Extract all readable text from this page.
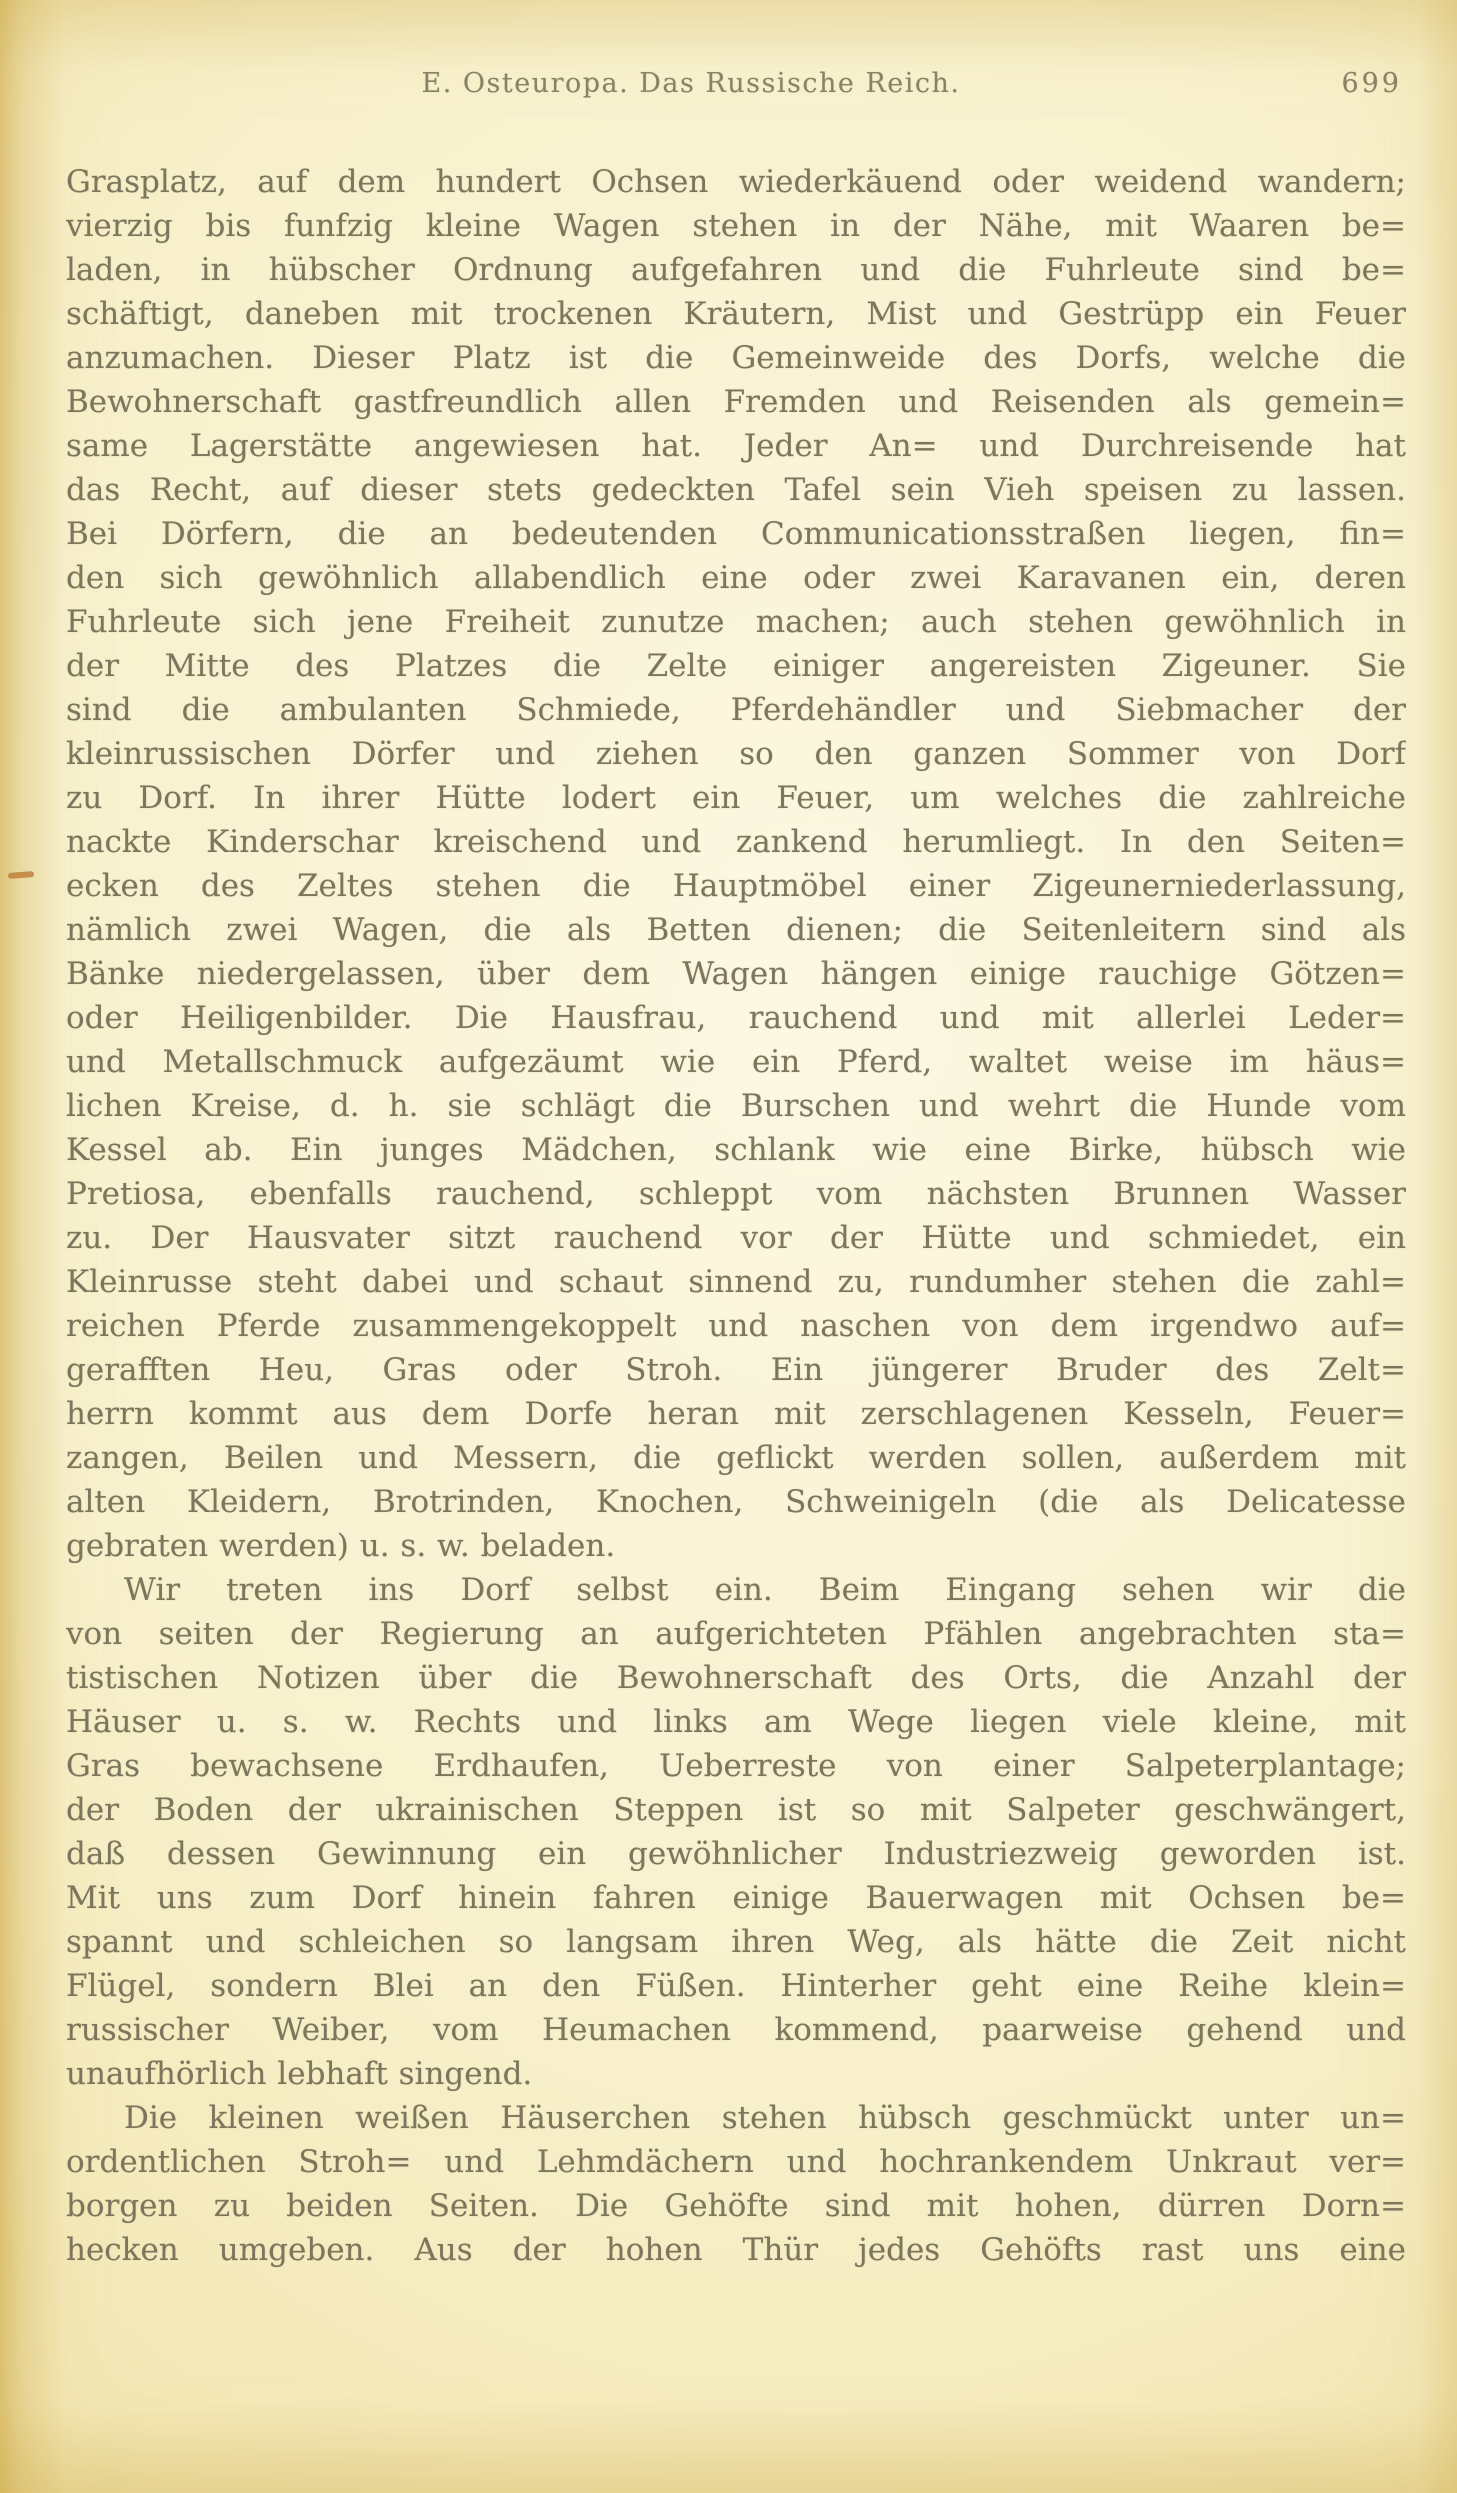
E. Osteuropa. Das Russische Reich.	699

Grasplatz, auf dem hundert Ochsen wiederkäuend oder weidend wandern;
vierzig bis funfzig kleine Wagen stehen in der Nähe, mit Waaren be=
laden, in hübscher Ordnung aufgefahren und die Fuhrleute sind be=
schäftigt, daneben mit trockenen Kräutern, Mist und Gestrüpp ein Feuer
anzumachen. Dieser Platz ist die Gemeinweide des Dorfs, welche die
Bewohnerschaft gastfreundlich allen Fremden und Reisenden als gemein=
same Lagerstätte angewiesen hat. Jeder An= und Durchreisende hat
das Recht, auf dieser stets gedeckten Tafel sein Vieh speisen zu lassen.
Bei Dörfern, die an bedeutenden Communicationsstraßen liegen, fin=
den sich gewöhnlich allabendlich eine oder zwei Karavanen ein, deren
Fuhrleute sich jene Freiheit zunutze machen; auch stehen gewöhnlich in
der Mitte des Platzes die Zelte einiger angereisten Zigeuner. Sie
sind die ambulanten Schmiede, Pferdehändler und Siebmacher der
kleinrussischen Dörfer und ziehen so den ganzen Sommer von Dorf
zu Dorf. In ihrer Hütte lodert ein Feuer, um welches die zahlreiche
nackte Kinderschar kreischend und zankend herumliegt. In den Seiten=
ecken des Zeltes stehen die Hauptmöbel einer Zigeunerniederlassung,
nämlich zwei Wagen, die als Betten dienen; die Seitenleitern sind als
Bänke niedergelassen, über dem Wagen hängen einige rauchige Götzen=
oder Heiligenbilder. Die Hausfrau, rauchend und mit allerlei Leder=
und Metallschmuck aufgezäumt wie ein Pferd, waltet weise im häus=
lichen Kreise, d. h. sie schlägt die Burschen und wehrt die Hunde vom
Kessel ab. Ein junges Mädchen, schlank wie eine Birke, hübsch wie
Pretiosa, ebenfalls rauchend, schleppt vom nächsten Brunnen Wasser
zu. Der Hausvater sitzt rauchend vor der Hütte und schmiedet, ein
Kleinrusse steht dabei und schaut sinnend zu, rundumher stehen die zahl=
reichen Pferde zusammengekoppelt und naschen von dem irgendwo auf=
gerafften Heu, Gras oder Stroh. Ein jüngerer Bruder des Zelt=
herrn kommt aus dem Dorfe heran mit zerschlagenen Kesseln, Feuer=
zangen, Beilen und Messern, die geflickt werden sollen, außerdem mit
alten Kleidern, Brotrinden, Knochen, Schweinigeln (die als Delicatesse
gebraten werden) u. s. w. beladen.

Wir treten ins Dorf selbst ein. Beim Eingang sehen wir die
von seiten der Regierung an aufgerichteten Pfählen angebrachten sta=
tistischen Notizen über die Bewohnerschaft des Orts, die Anzahl der
Häuser u. s. w. Rechts und links am Wege liegen viele kleine, mit
Gras bewachsene Erdhaufen, Ueberreste von einer Salpeterplantage;
der Boden der ukrainischen Steppen ist so mit Salpeter geschwängert,
daß dessen Gewinnung ein gewöhnlicher Industriezweig geworden ist.
Mit uns zum Dorf hinein fahren einige Bauerwagen mit Ochsen be=
spannt und schleichen so langsam ihren Weg, als hätte die Zeit nicht
Flügel, sondern Blei an den Füßen. Hinterher geht eine Reihe klein=
russischer Weiber, vom Heumachen kommend, paarweise gehend und
unaufhörlich lebhaft singend.

Die kleinen weißen Häuserchen stehen hübsch geschmückt unter un=
ordentlichen Stroh= und Lehmdächern und hochrankendem Unkraut ver=
borgen zu beiden Seiten. Die Gehöfte sind mit hohen, dürren Dorn=
hecken umgeben. Aus der hohen Thür jedes Gehöfts rast uns eine
